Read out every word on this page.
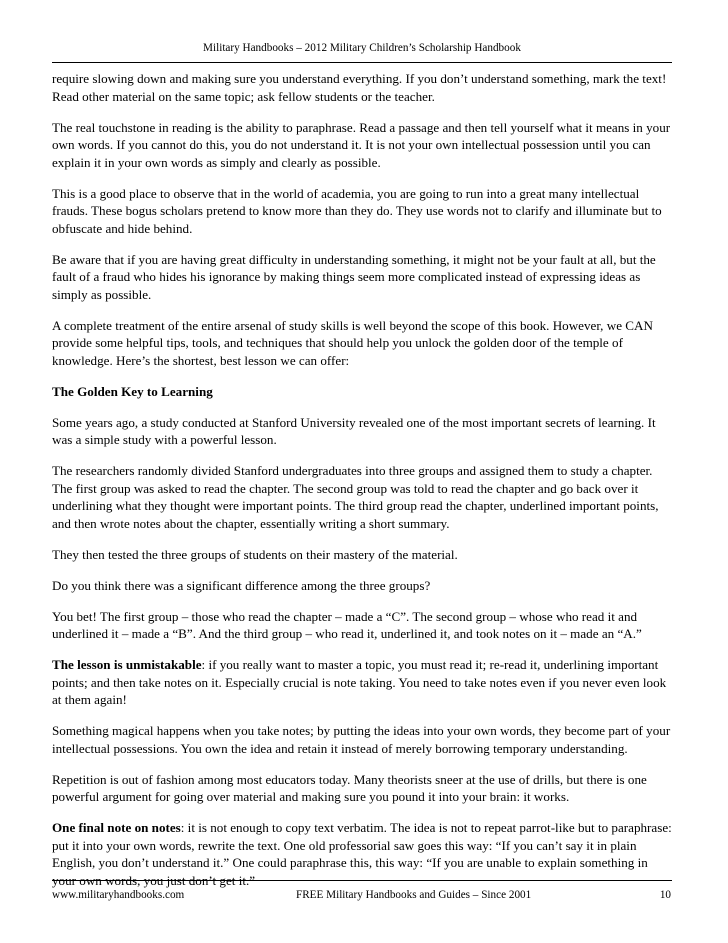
Military Handbooks – 2012 Military Children’s Scholarship Handbook

require slowing down and making sure you understand everything. If you don’t understand something, mark the text! Read other material on the same topic; ask fellow students or the teacher.

The real touchstone in reading is the ability to paraphrase. Read a passage and then tell yourself what it means in your own words. If you cannot do this, you do not understand it. It is not your own intellectual possession until you can explain it in your own words as simply and clearly as possible.

This is a good place to observe that in the world of academia, you are going to run into a great many intellectual frauds. These bogus scholars pretend to know more than they do. They use words not to clarify and illuminate but to obfuscate and hide behind.

Be aware that if you are having great difficulty in understanding something, it might not be your fault at all, but the fault of a fraud who hides his ignorance by making things seem more complicated instead of expressing ideas as simply as possible.

A complete treatment of the entire arsenal of study skills is well beyond the scope of this book. However, we CAN provide some helpful tips, tools, and techniques that should help you unlock the golden door of the temple of knowledge. Here’s the shortest, best lesson we can offer:

The Golden Key to Learning

Some years ago, a study conducted at Stanford University revealed one of the most important secrets of learning. It was a simple study with a powerful lesson.

The researchers randomly divided Stanford undergraduates into three groups and assigned them to study a chapter. The first group was asked to read the chapter. The second group was told to read the chapter and go back over it underlining what they thought were important points. The third group read the chapter, underlined important points, and then wrote notes about the chapter, essentially writing a short summary.

They then tested the three groups of students on their mastery of the material.

Do you think there was a significant difference among the three groups?

You bet! The first group – those who read the chapter – made a “C”. The second group – whose who read it and underlined it – made a “B”. And the third group – who read it, underlined it, and took notes on it – made an “A.”

The lesson is unmistakable: if you really want to master a topic, you must read it; re-read it, underlining important points; and then take notes on it. Especially crucial is note taking. You need to take notes even if you never even look at them again!

Something magical happens when you take notes; by putting the ideas into your own words, they become part of your intellectual possessions. You own the idea and retain it instead of merely borrowing temporary understanding.

Repetition is out of fashion among most educators today. Many theorists sneer at the use of drills, but there is one powerful argument for going over material and making sure you pound it into your brain: it works.

One final note on notes: it is not enough to copy text verbatim. The idea is not to repeat parrot-like but to paraphrase: put it into your own words, rewrite the text. One old professorial saw goes this way: “If you can’t say it in plain English, you don’t understand it.” One could paraphrase this, this way: “If you are unable to explain something in your own words, you just don’t get it.”

www.militaryhandbooks.com	FREE Military Handbooks and Guides – Since 2001	10
